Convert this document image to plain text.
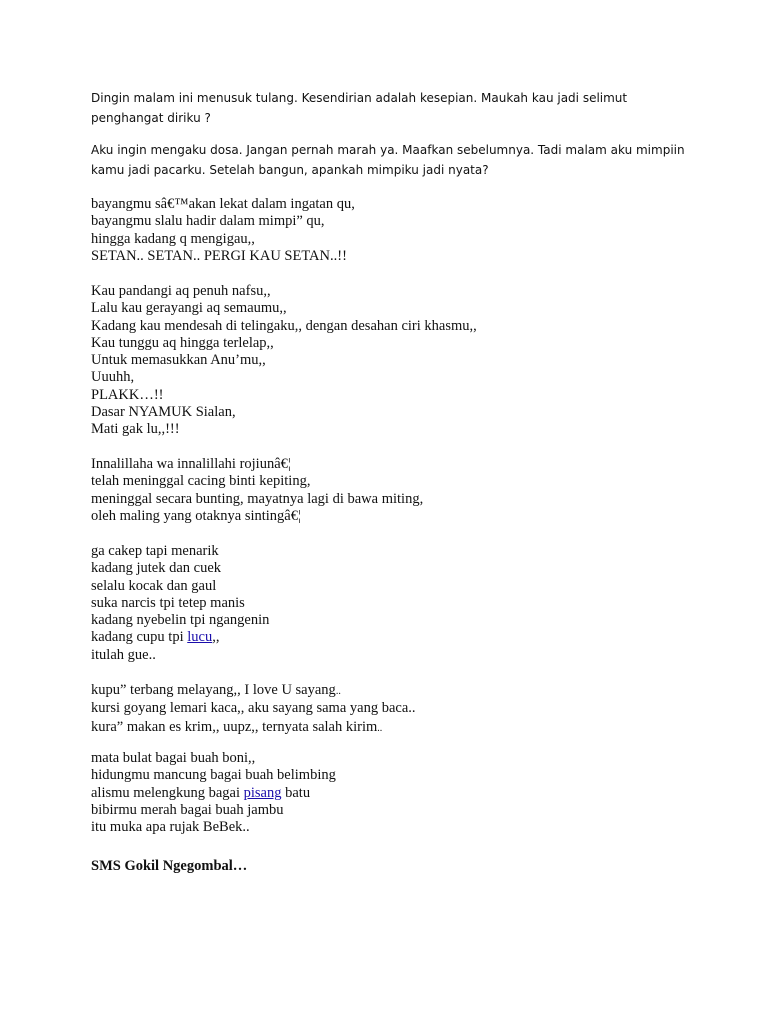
Dingin malam ini menusuk tulang. Kesendirian adalah kesepian. Maukah kau jadi selimut penghangat diriku ?

Aku ingin mengaku dosa. Jangan pernah marah ya. Maafkan sebelumnya. Tadi malam aku mimpiin kamu jadi pacarku. Setelah bangun, apankah mimpiku jadi nyata?

bayangmu sâ€™akan lekat dalam ingatan qu,
bayangmu slalu hadir dalam mimpi” qu,
hingga kadang q mengigau,,
SETAN.. SETAN.. PERGI KAU SETAN..!!
Kau pandangi aq penuh nafsu,,
Lalu kau gerayangi aq semaumu,,
Kadang kau mendesah di telingaku,, dengan desahan ciri khasmu,,
Kau tunggu aq hingga terlelap,,
Untuk memasukkan Anu’mu,,
Uuuhh,
PLAKK…!!
Dasar NYAMUK Sialan,
Mati gak lu,,!!!
Innalillaha wa innalillahi rojiunâ€¦
telah meninggal cacing binti kepiting,
meninggal secara bunting, mayatnya lagi di bawa miting,
oleh maling yang otaknya sintingâ€¦
ga cakep tapi menarik
kadang jutek dan cuek
selalu kocak dan gaul
suka narcis tpi tetep manis
kadang nyebelin tpi ngangenin
kadang cupu tpi lucu,,
itulah gue..
kupu” terbang melayang,, I love U sayang..
kursi goyang lemari kaca,, aku sayang sama yang baca..
kura” makan es krim,, uupz,, ternyata salah kirim..
mata bulat bagai buah boni,,
hidungmu mancung bagai buah belimbing
alismu melengkung bagai pisang batu
bibirmu merah bagai buah jambu
itu muka apa rujak BeBek..

SMS Gokil Ngegombal…
